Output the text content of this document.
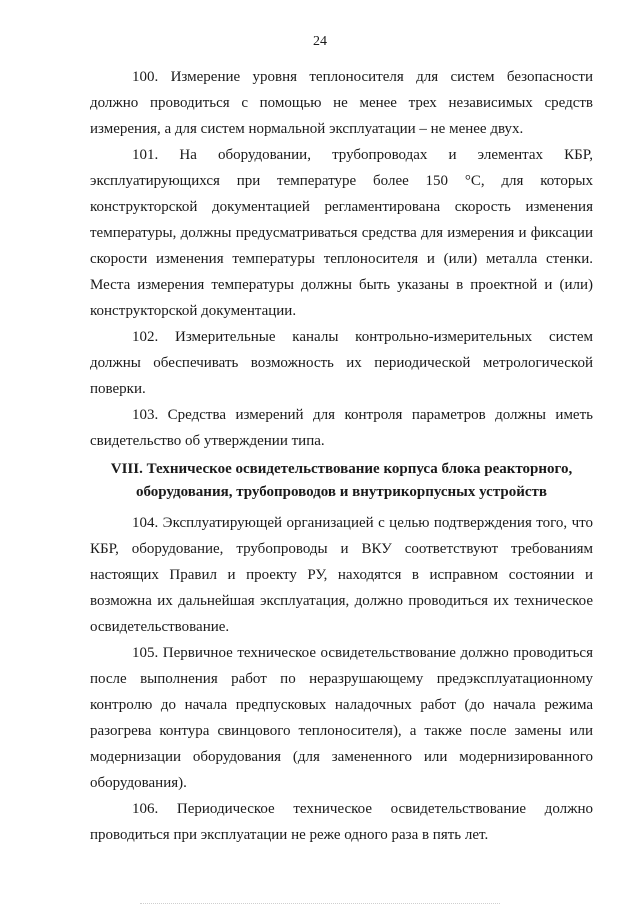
24

100. Измерение уровня теплоносителя для систем безопасности должно проводиться с помощью не менее трех независимых средств измерения, а для систем нормальной эксплуатации – не менее двух.

101. На оборудовании, трубопроводах и элементах КБР, эксплуатирующихся при температуре более 150 °С, для которых конструкторской документацией регламентирована скорость изменения температуры, должны предусматриваться средства для измерения и фиксации скорости изменения температуры теплоносителя и (или) металла стенки. Места измерения температуры должны быть указаны в проектной и (или) конструкторской документации.

102. Измерительные каналы контрольно-измерительных систем должны обеспечивать возможность их периодической метрологической поверки.

103. Средства измерений для контроля параметров должны иметь свидетельство об утверждении типа.

VIII. Техническое освидетельствование корпуса блока реакторного,
оборудования, трубопроводов и внутрикорпусных устройств

104. Эксплуатирующей организацией с целью подтверждения того, что КБР, оборудование, трубопроводы и ВКУ соответствуют требованиям настоящих Правил и проекту РУ, находятся в исправном состоянии и возможна их дальнейшая эксплуатация, должно проводиться их техническое освидетельствование.

105. Первичное техническое освидетельствование должно проводиться после выполнения работ по неразрушающему предэксплуатационному контролю до начала предпусковых наладочных работ (до начала режима разогрева контура свинцового теплоносителя), а также после замены или модернизации оборудования (для замененного или модернизированного оборудования).

106. Периодическое техническое освидетельствование должно проводиться при эксплуатации не реже одного раза в пять лет.
